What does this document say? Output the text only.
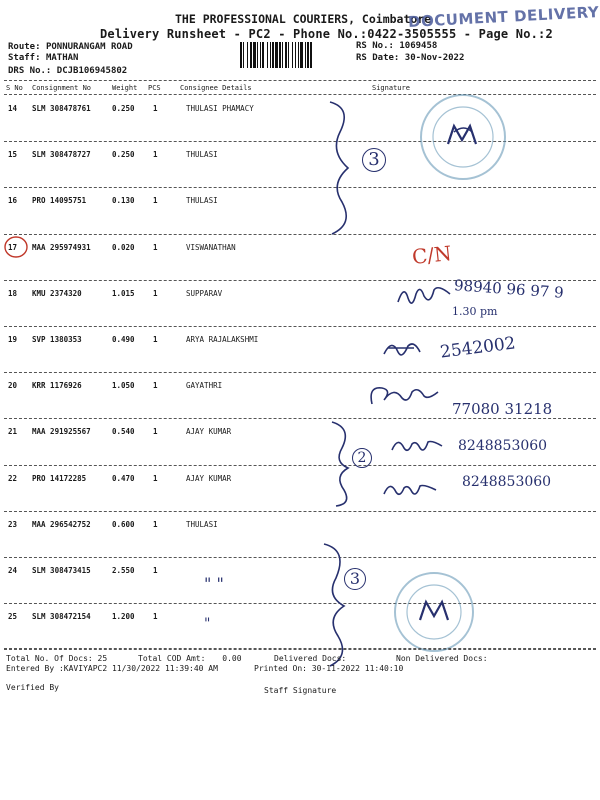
THE PROFESSIONAL COURIERS, Coimbatore
DOCUMENT DELIVERY
Delivery Runsheet - PC2 - Phone No.:0422-3505555 - Page No.:2
Route: PONNURANGAM ROAD
Staff: MATHAN
DRS No.: DCJB106945802
RS No.: 1069458
RS Date: 30-Nov-2022
S No Consignment No	Weight PCS	Consignee Details	Signature
14 SLM 308478761	0.250 1	THULASI PHAMACY
15 SLM 308478727	0.250 1	THULASI
16 PRO 14095751	0.130 1	THULASI
17 MAA 295974931	0.020 1	VISWANATHAN
18 KMU 2374320	1.015 1	SUPPARAV
19 SVP 1380353	0.490 1	ARYA RAJALAKSHMI
20 KRR 1176926	1.050 1	GAYATHRI
21 MAA 291925567	0.540 1	AJAY KUMAR
22 PRO 14172285	0.470 1	AJAY KUMAR
23 MAA 296542752	0.600 1	THULASI
24 SLM 308473415	2.550 1
25 SLM 308472154	1.200 1
3
2
3
C/N
98940 96 97 9
1.30 pm
2542002
77080 31218
8248853060
8248853060
" "
"
Total No. Of Docs: 25	Total COD Amt: 0.00	Delivered Docs:	Non Delivered Docs:
Entered By :KAVIYAPC2 11/30/2022 11:39:40 AM	Printed On: 30-11-2022 11:40:10
Verified By	Staff Signature
